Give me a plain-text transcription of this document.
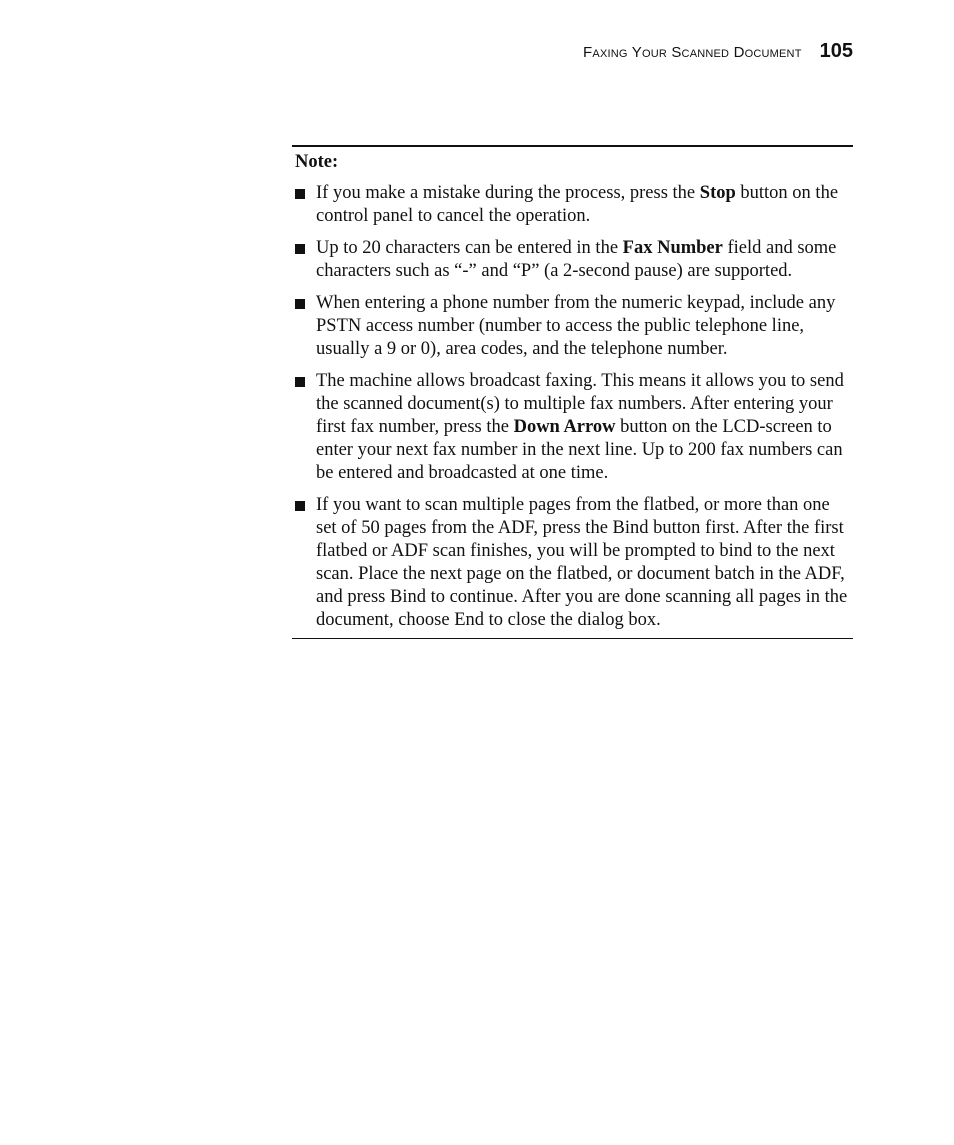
Faxing Your Scanned Document 105
Note:
If you make a mistake during the process, press the Stop button on the control panel to cancel the operation.
Up to 20 characters can be entered in the Fax Number field and some characters such as “-” and “P” (a 2-second pause) are supported.
When entering a phone number from the numeric keypad, include any PSTN access number (number to access the public telephone line, usually a 9 or 0), area codes, and the telephone number.
The machine allows broadcast faxing. This means it allows you to send the scanned document(s) to multiple fax numbers. After entering your first fax number, press the Down Arrow button on the LCD-screen to enter your next fax number in the next line. Up to 200 fax numbers can be entered and broadcasted at one time.
If you want to scan multiple pages from the flatbed, or more than one set of 50 pages from the ADF, press the Bind button first. After the first flatbed or ADF scan finishes, you will be prompted to bind to the next scan. Place the next page on the flatbed, or document batch in the ADF, and press Bind to continue. After you are done scanning all pages in the document, choose End to close the dialog box.
